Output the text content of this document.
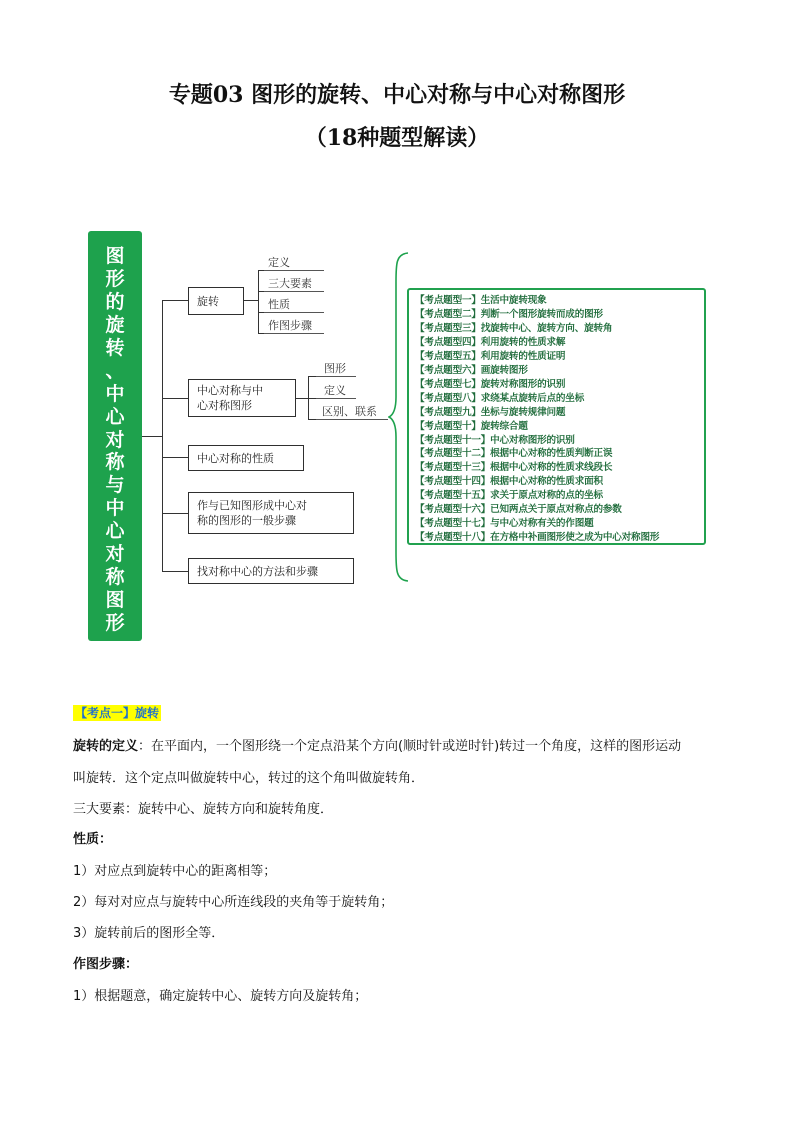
专题03 图形的旋转、中心对称与中心对称图形
（18种题型解读）
图
形
的
旋
转
、
中
心
对
称
与
中
心
对
称
图
形
旋转
定义
三大要素
性质
作图步骤
中心对称与中
心对称图形
图形
定义
区别、联系
中心对称的性质
作与已知图形成中心对
称的图形的一般步骤
找对称中心的方法和步骤
【考点题型一】生活中旋转现象
【考点题型二】判断一个图形旋转而成的图形
【考点题型三】找旋转中心、旋转方向、旋转角
【考点题型四】利用旋转的性质求解
【考点题型五】利用旋转的性质证明
【考点题型六】画旋转图形
【考点题型七】旋转对称图形的识别
【考点题型八】求绕某点旋转后点的坐标
【考点题型九】坐标与旋转规律问题
【考点题型十】旋转综合题
【考点题型十一】中心对称图形的识别
【考点题型十二】根据中心对称的性质判断正误
【考点题型十三】根据中心对称的性质求线段长
【考点题型十四】根据中心对称的性质求面积
【考点题型十五】求关于原点对称的点的坐标
【考点题型十六】已知两点关于原点对称点的参数
【考点题型十七】与中心对称有关的作图题
【考点题型十八】在方格中补画图形使之成为中心对称图形
【考点一】旋转
旋转的定义：在平面内，一个图形绕一个定点沿某个方向(顺时针或逆时针)转过一个角度，这样的图形运动
叫旋转．这个定点叫做旋转中心，转过的这个角叫做旋转角．
三大要素：旋转中心、旋转方向和旋转角度．
性质：
1）对应点到旋转中心的距离相等；
2）每对对应点与旋转中心所连线段的夹角等于旋转角；
3）旋转前后的图形全等．
作图步骤：
1）根据题意，确定旋转中心、旋转方向及旋转角；
